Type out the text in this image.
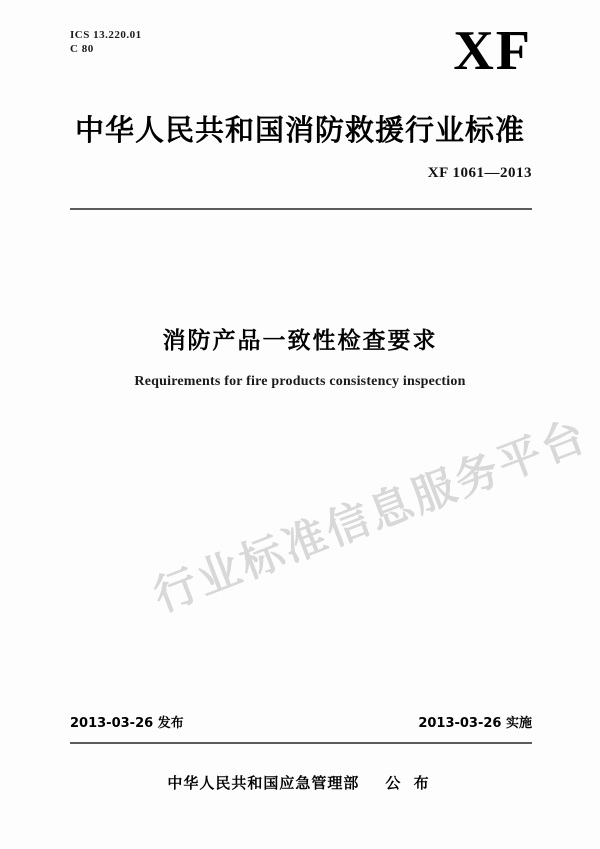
ICS 13.220.01
C 80	XF
中华人民共和国消防救援行业标准
XF 1061—2013
消防产品一致性检查要求
Requirements for fire products consistency inspection
行业标准信息服务平台
2013-03-26 发布	2013-03-26 实施
中华人民共和国应急管理部 公 布
